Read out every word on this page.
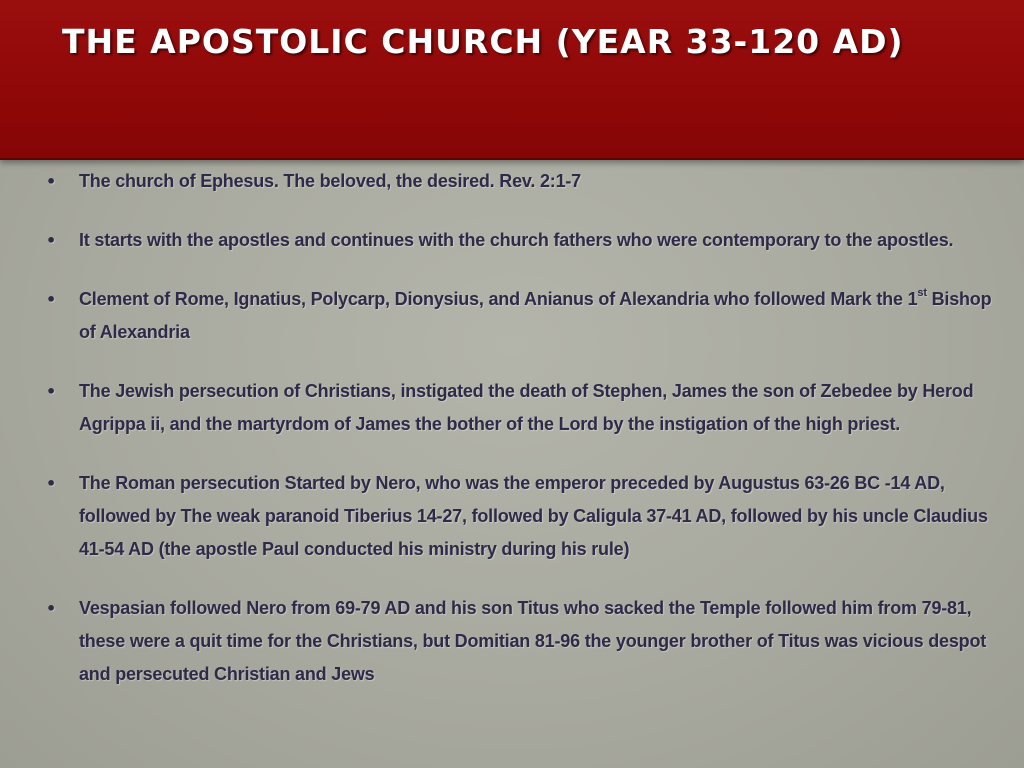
THE APOSTOLIC CHURCH (YEAR 33-120 AD)
• The church of Ephesus. The beloved, the desired. Rev. 2:1-7
• It starts with the apostles and continues with the church fathers who were contemporary to the apostles.
• Clement of Rome, Ignatius, Polycarp, Dionysius, and Anianus of Alexandria who followed Mark the 1st Bishop of Alexandria
• The Jewish persecution of Christians, instigated the death of Stephen, James the son of Zebedee by Herod Agrippa ii, and the martyrdom of James the bother of the Lord by the instigation of the high priest.
• The Roman persecution Started by Nero, who was the emperor preceded by Augustus 63-26 BC -14 AD, followed by The weak paranoid Tiberius 14-27, followed by Caligula 37-41 AD, followed by his uncle Claudius 41-54 AD (the apostle Paul conducted his ministry during his rule)
• Vespasian followed Nero from 69-79 AD and his son Titus who sacked the Temple followed him from 79-81, these were a quit time for the Christians, but Domitian 81-96 the younger brother of Titus was vicious despot and persecuted Christian and Jews
